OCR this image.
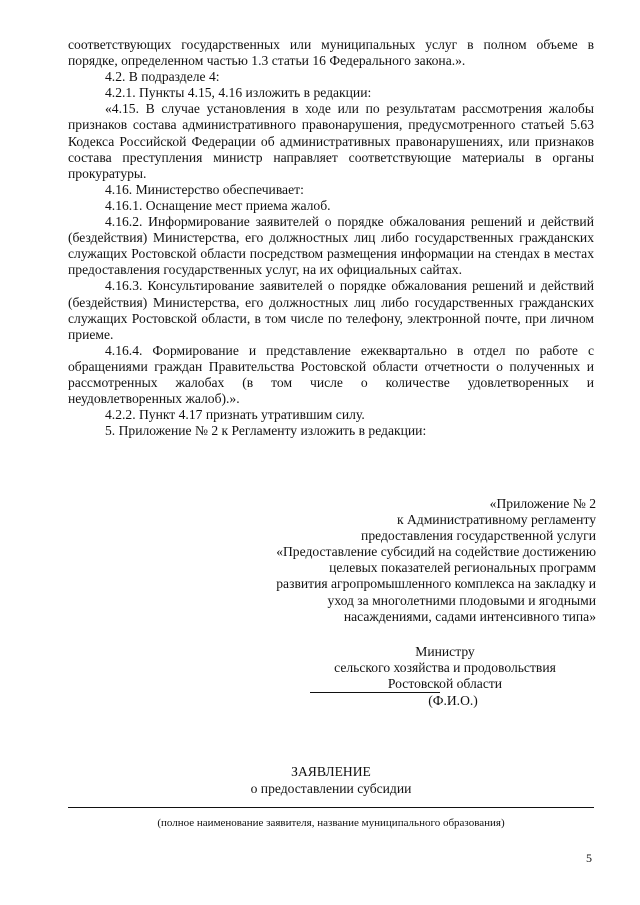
соответствующих государственных или муниципальных услуг в полном объеме в порядке, определенном частью 1.3 статьи 16 Федерального закона.».

4.2. В подразделе 4:

4.2.1. Пункты 4.15, 4.16 изложить в редакции:

«4.15. В случае установления в ходе или по результатам рассмотрения жалобы признаков состава административного правонарушения, предусмотренного статьей 5.63 Кодекса Российской Федерации об административных правонарушениях, или признаков состава преступления министр направляет соответствующие материалы в органы прокуратуры.

4.16. Министерство обеспечивает:

4.16.1. Оснащение мест приема жалоб.

4.16.2. Информирование заявителей о порядке обжалования решений и действий (бездействия) Министерства, его должностных лиц либо государственных гражданских служащих Ростовской области посредством размещения информации на стендах в местах предоставления государственных услуг, на их официальных сайтах.

4.16.3. Консультирование заявителей о порядке обжалования решений и действий (бездействия) Министерства, его должностных лиц либо государственных гражданских служащих Ростовской области, в том числе по телефону, электронной почте, при личном приеме.

4.16.4. Формирование и представление ежеквартально в отдел по работе с обращениями граждан Правительства Ростовской области отчетности о полученных и рассмотренных жалобах (в том числе о количестве удовлетворенных и неудовлетворенных жалоб).».

4.2.2. Пункт 4.17 признать утратившим силу.

5. Приложение № 2 к Регламенту изложить в редакции:

«Приложение № 2
к Административному регламенту
предоставления государственной услуги
«Предоставление субсидий на содействие достижению
целевых показателей региональных программ
развития агропромышленного комплекса на закладку и
уход за многолетними плодовыми и ягодными
насаждениями, садами интенсивного типа»
Министру
сельского хозяйства и продовольствия
Ростовской области
(Ф.И.О.)
ЗАЯВЛЕНИЕ
о предоставлении субсидии
(полное наименование заявителя, название муниципального образования)
5
